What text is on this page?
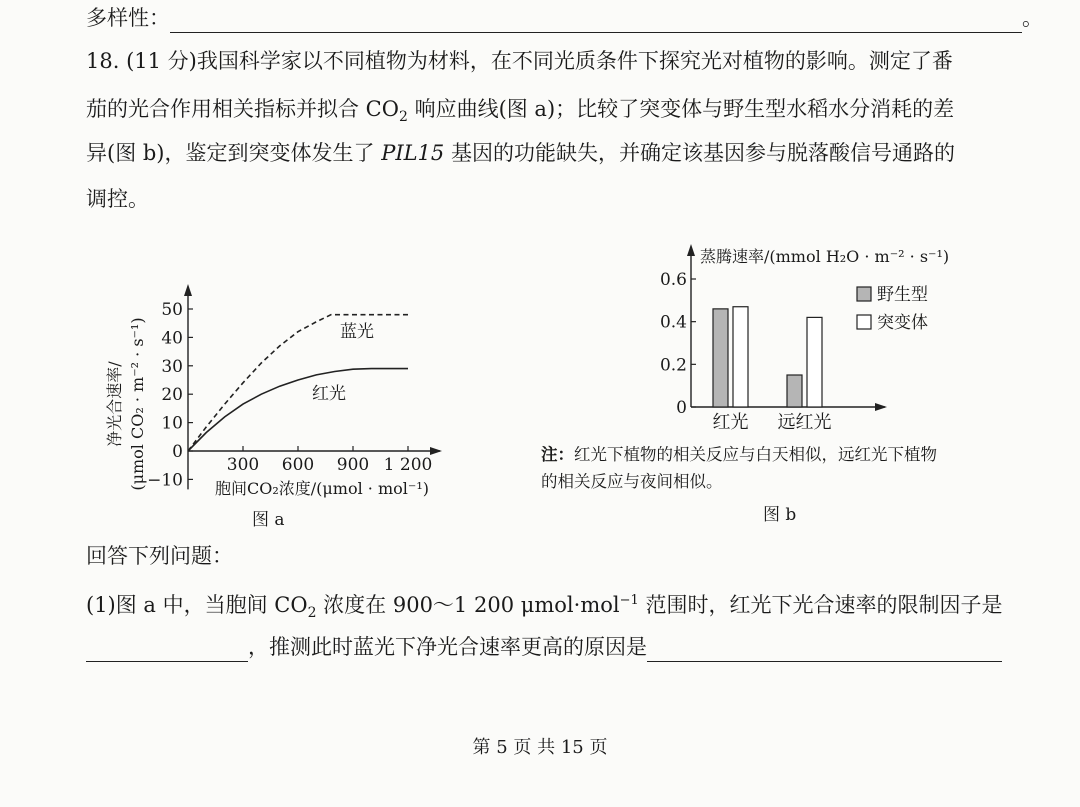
多样性：	。
18. (11 分)我国科学家以不同植物为材料，在不同光质条件下探究光对植物的影响。测定了番
茄的光合作用相关指标并拟合 $CO_2$ 响应曲线(图 a)；比较了突变体与野生型水稻水分消耗的差
异(图 b)，鉴定到突变体发生了 PIL15 基因的功能缺失，并确定该基因参与脱落酸信号通路的
调控。
−10
0
10
20
30
40
50
300 600 900 1 200
蓝光
红光
净光合速率/ (μmol CO₂ · m⁻² · s⁻¹)	胞间CO₂浓度/(μmol · mol⁻¹)
图 a
0
0.2
0.4
0.6
红光 远红光
蒸腾速率/(mmol H₂O · m⁻² · s⁻¹)
野生型
突变体
注：红光下植物的相关反应与白天相似，远红光下植物
的相关反应与夜间相似。
图 b
回答下列问题：
(1)图 a 中，当胞间 $CO_2$ 浓度在 900～1 200 μmol·mol$^{-1}$ 范围时，红光下光合速率的限制因子是
，推测此时蓝光下净光合速率更高的原因是
第 5 页 共 15 页
